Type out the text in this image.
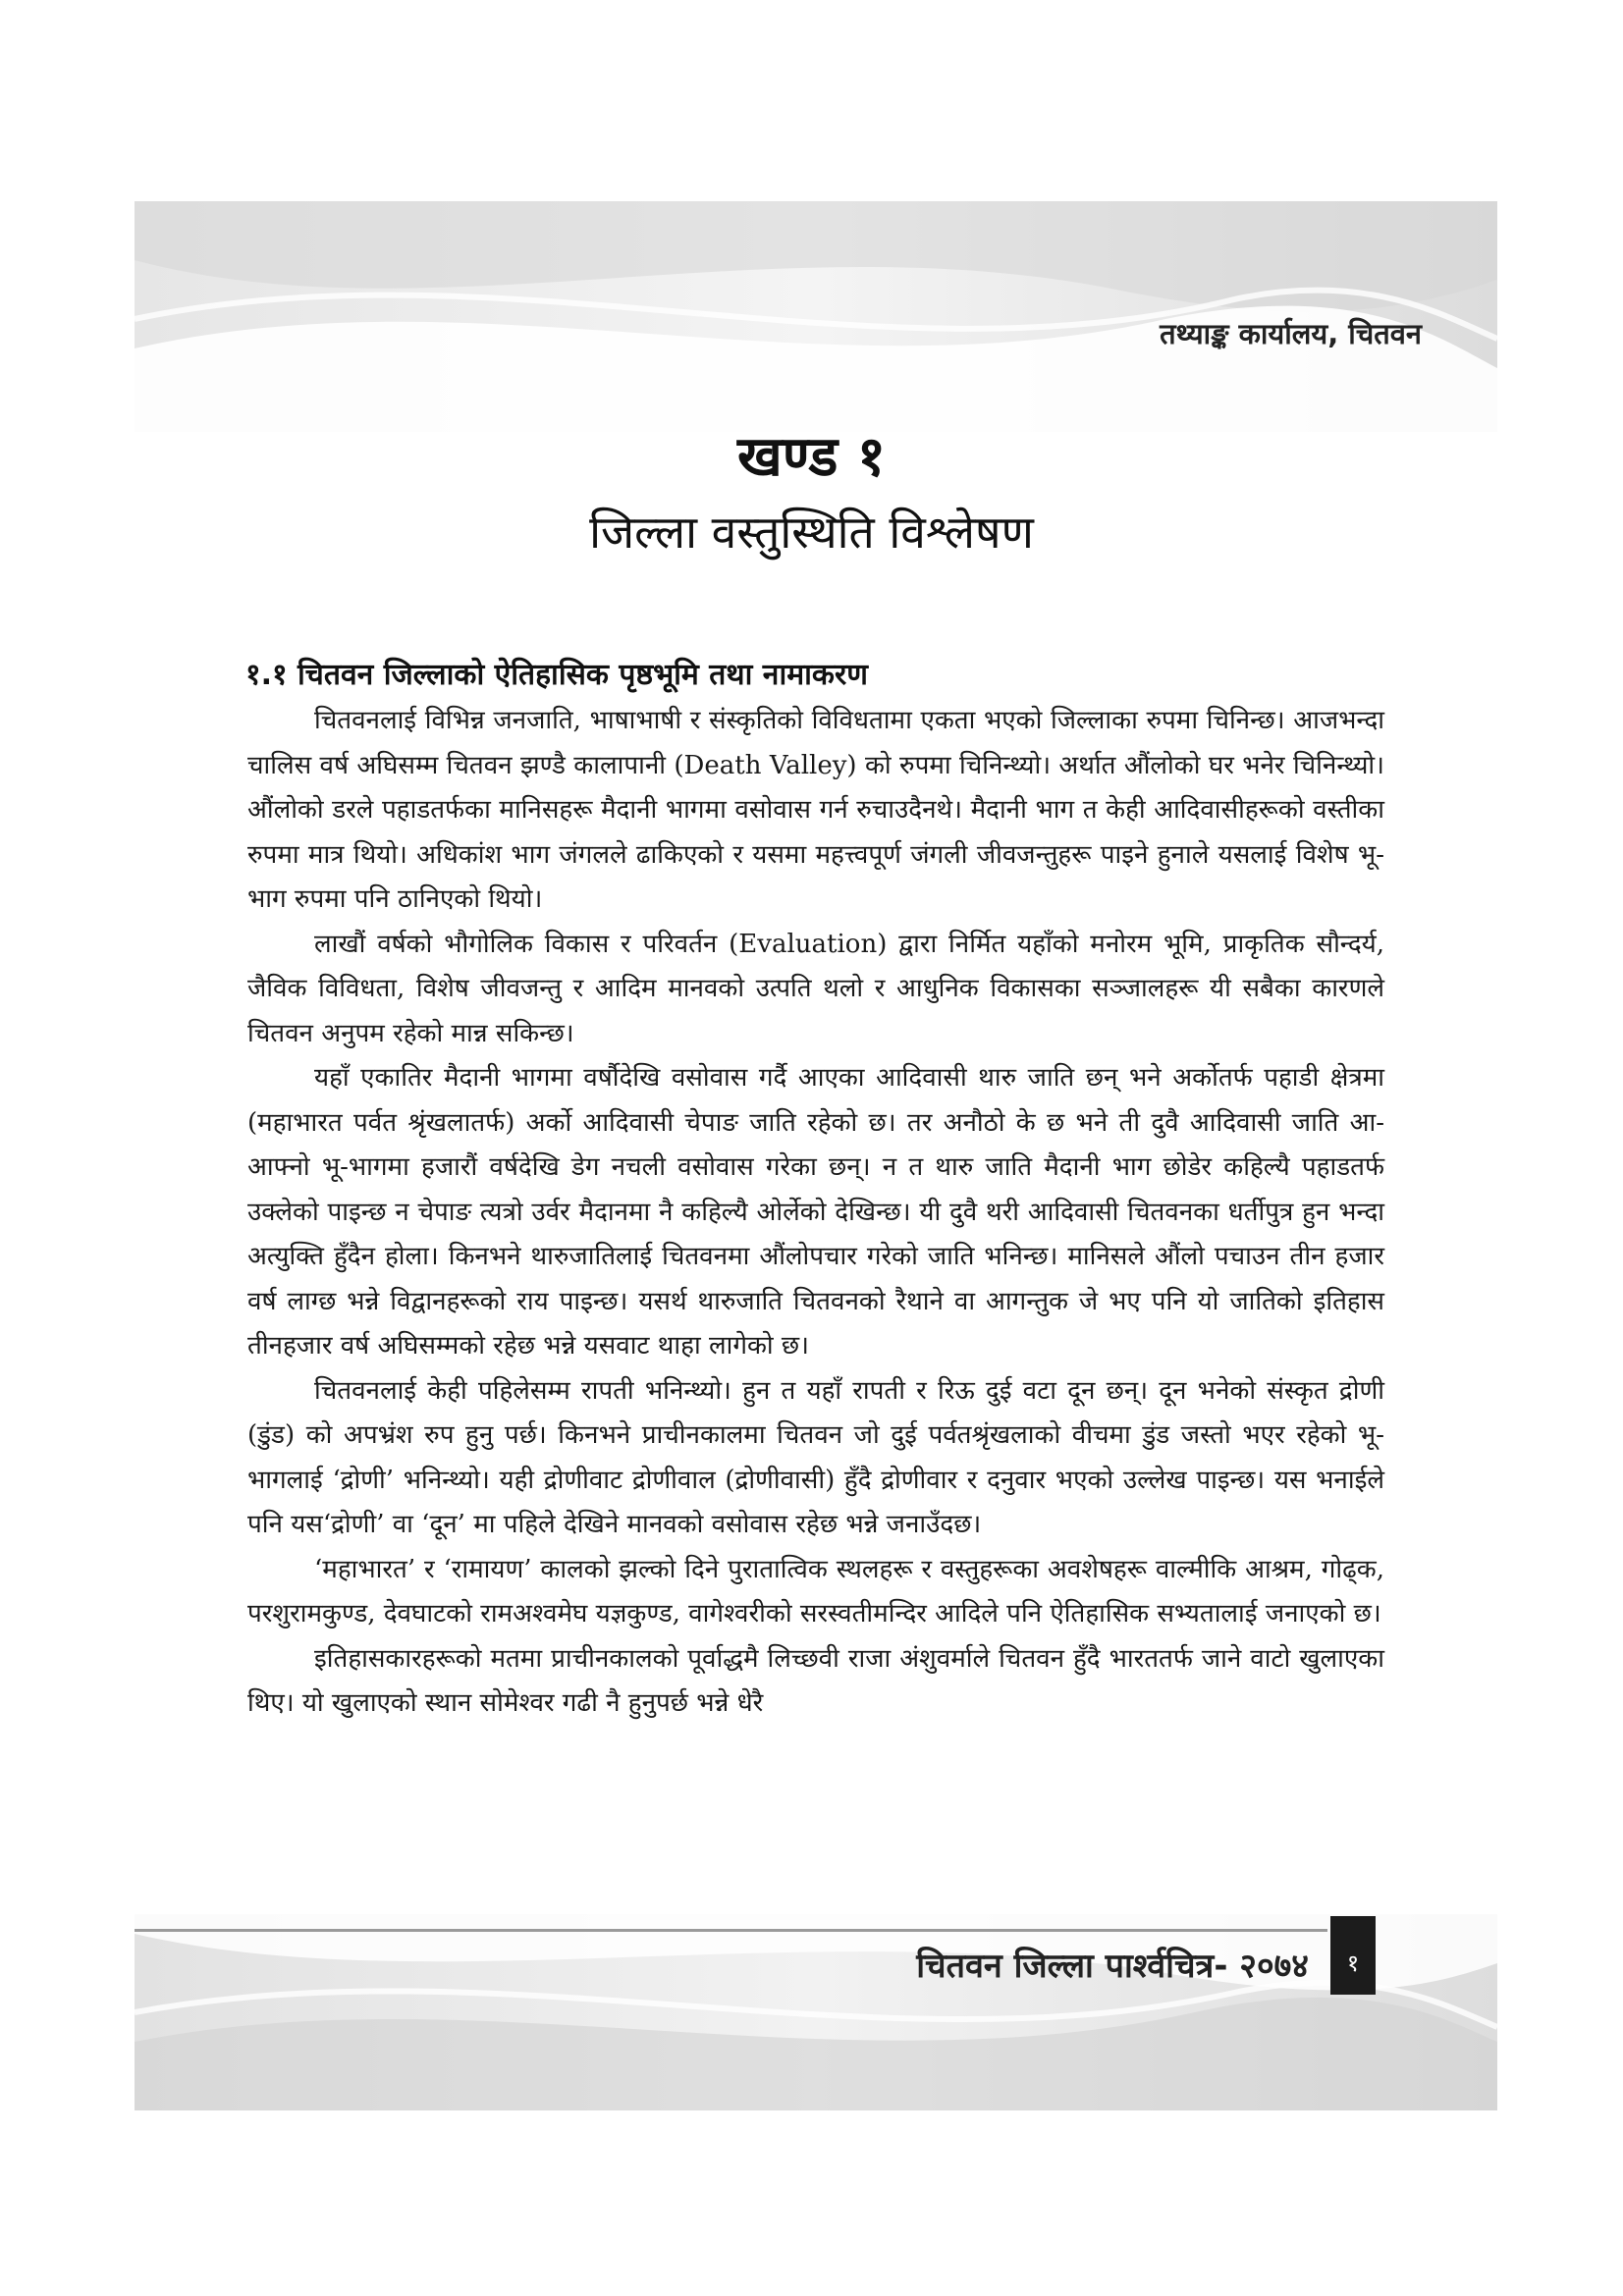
तथ्याङ्क कार्यालय, चितवन
खण्ड १
जिल्ला वस्तुस्थिति विश्लेषण
१.१ चितवन जिल्लाको ऐतिहासिक पृष्ठभूमि तथा नामाकरण

चितवनलाई विभिन्न जनजाति, भाषाभाषी र संस्कृतिको विविधतामा एकता भएको जिल्लाका रुपमा चिनिन्छ। आजभन्दा चालिस वर्ष अघिसम्म चितवन झण्डै कालापानी (Death Valley) को रुपमा चिनिन्थ्यो। अर्थात औंलोको घर भनेर चिनिन्थ्यो। औंलोको डरले पहाडतर्फका मानिसहरू मैदानी भागमा वसोवास गर्न रुचाउदैनथे। मैदानी भाग त केही आदिवासीहरूको वस्तीका रुपमा मात्र थियो। अधिकांश भाग जंगलले ढाकिएको र यसमा महत्त्वपूर्ण जंगली जीवजन्तुहरू पाइने हुनाले यसलाई विशेष भू-भाग रुपमा पनि ठानिएको थियो।

लाखौं वर्षको भौगोलिक विकास र परिवर्तन (Evaluation) द्वारा निर्मित यहाँको मनोरम भूमि, प्राकृतिक सौन्दर्य, जैविक विविधता, विशेष जीवजन्तु र आदिम मानवको उत्पति थलो र आधुनिक विकासका सञ्जालहरू यी सबैका कारणले चितवन अनुपम रहेको मान्न सकिन्छ।

यहाँ एकातिर मैदानी भागमा वर्षौदेखि वसोवास गर्दै आएका आदिवासी थारु जाति छन् भने अर्कोतर्फ पहाडी क्षेत्रमा (महाभारत पर्वत श्रृंखलातर्फ) अर्को आदिवासी चेपाङ जाति रहेको छ। तर अनौठो के छ भने ती दुवै आदिवासी जाति आ-आफ्नो भू-भागमा हजारौं वर्षदेखि डेग नचली वसोवास गरेका छन्। न त थारु जाति मैदानी भाग छोडेर कहिल्यै पहाडतर्फ उक्लेको पाइन्छ न चेपाङ त्यत्रो उर्वर मैदानमा नै कहिल्यै ओर्लेको देखिन्छ। यी दुवै थरी आदिवासी चितवनका धर्तीपुत्र हुन भन्दा अत्युक्ति हुँदैन होला। किनभने थारुजातिलाई चितवनमा औंलोपचार गरेको जाति भनिन्छ। मानिसले औंलो पचाउन तीन हजार वर्ष लाग्छ भन्ने विद्वानहरूको राय पाइन्छ। यसर्थ थारुजाति चितवनको रैथाने वा आगन्तुक जे भए पनि यो जातिको इतिहास तीनहजार वर्ष अघिसम्मको रहेछ भन्ने यसवाट थाहा लागेको छ।

चितवनलाई केही पहिलेसम्म रापती भनिन्थ्यो। हुन त यहाँ रापती र रिऊ दुई वटा दून छन्। दून भनेको संस्कृत द्रोणी (डुंड) को अपभ्रंश रुप हुनु पर्छ। किनभने प्राचीनकालमा चितवन जो दुई पर्वतश्रृंखलाको वीचमा डुंड जस्तो भएर रहेको भू-भागलाई ‘द्रोणी’ भनिन्थ्यो। यही द्रोणीवाट द्रोणीवाल (द्रोणीवासी) हुँदै द्रोणीवार र दनुवार भएको उल्लेख पाइन्छ। यस भनाईले पनि यस‘द्रोणी’ वा ‘दून’ मा पहिले देखिने मानवको वसोवास रहेछ भन्ने जनाउँदछ।

‘महाभारत’ र ‘रामायण’ कालको झल्को दिने पुरातात्विक स्थलहरू र वस्तुहरूका अवशेषहरू वाल्मीकि आश्रम, गोढ्क, परशुरामकुण्ड, देवघाटको रामअश्वमेघ यज्ञकुण्ड, वागेश्वरीको सरस्वतीमन्दिर आदिले पनि ऐतिहासिक सभ्यतालाई जनाएको छ।

इतिहासकारहरूको मतमा प्राचीनकालको पूर्वाद्धमै लिच्छवी राजा अंशुवर्माले चितवन हुँदै भारततर्फ जाने वाटो खुलाएका थिए। यो खुलाएको स्थान सोमेश्वर गढी नै हुनुपर्छ भन्ने धेरै

चितवन जिल्ला पार्श्वचित्र- २०७४	१
